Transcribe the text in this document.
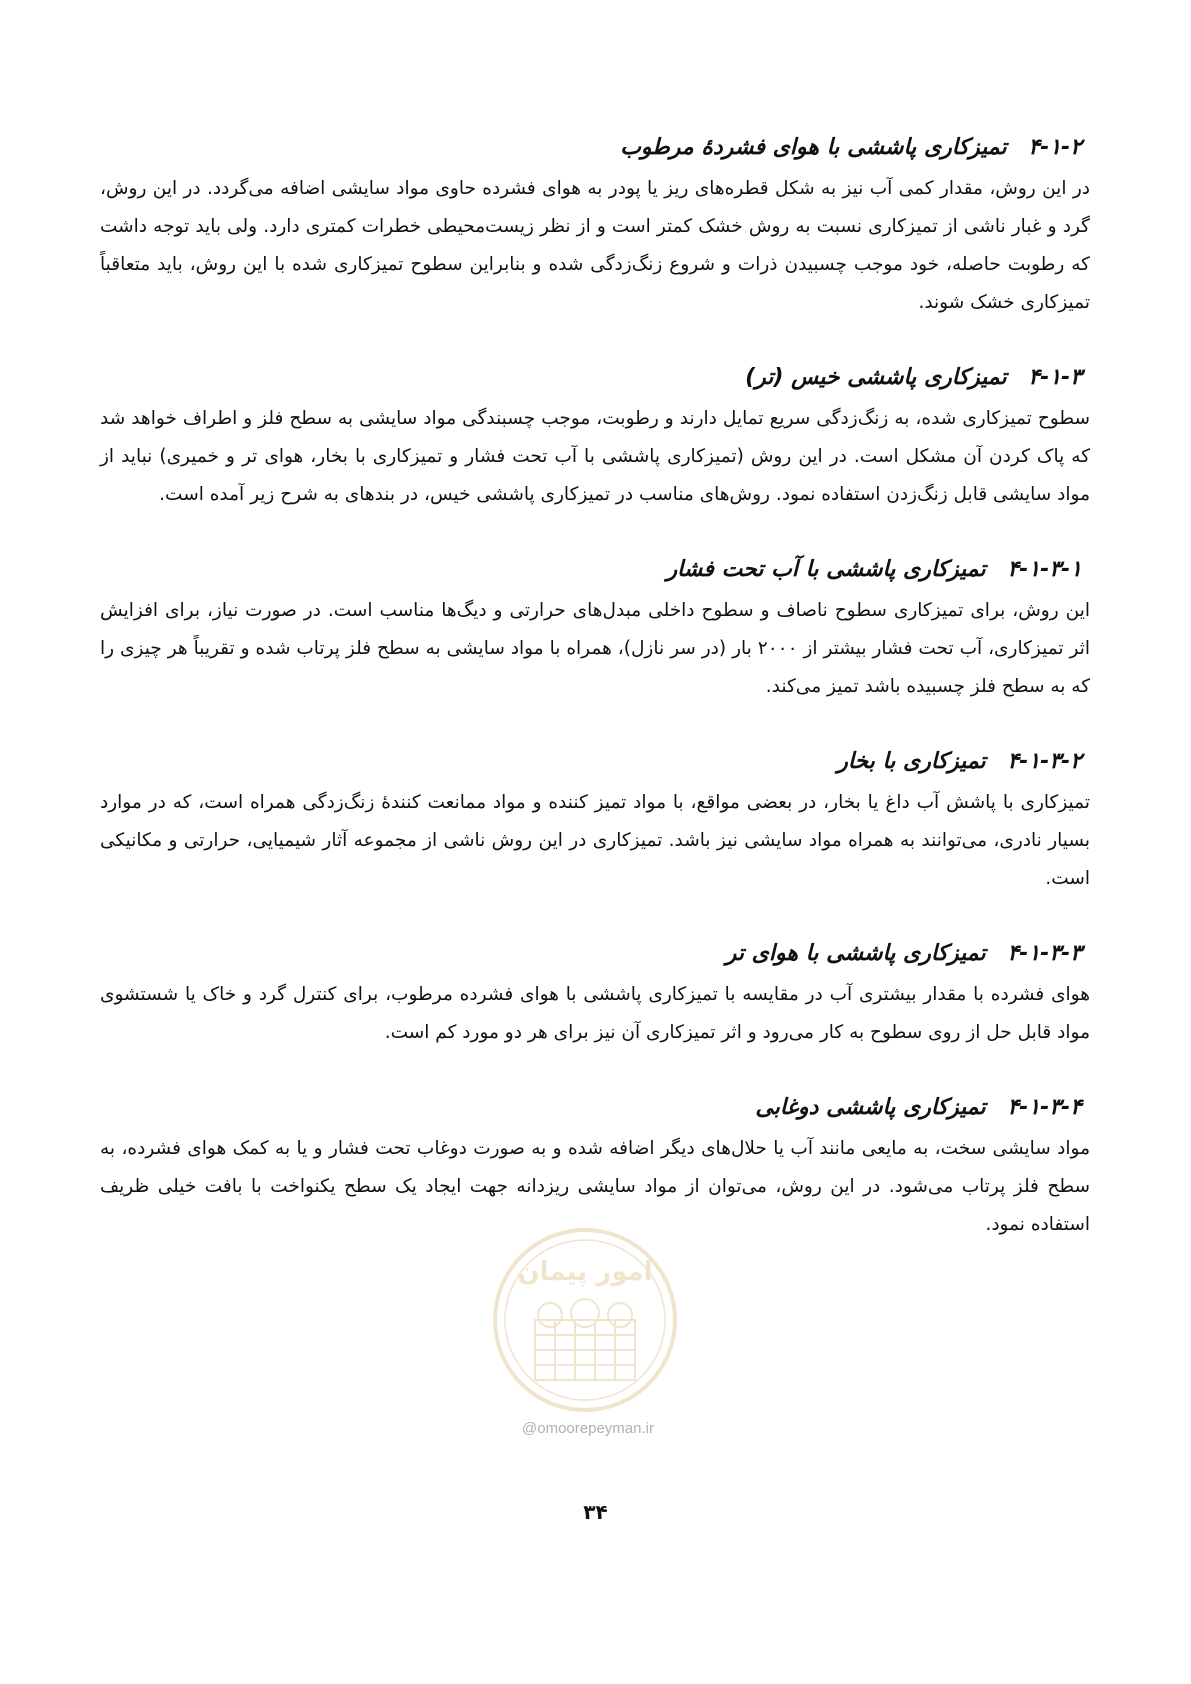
۴-۱-۲ تمیزکاری پاششی با هوای فشردهٔ مرطوب

در این روش، مقدار کمی آب نیز به شکل قطره‌های ریز یا پودر به هوای فشرده حاوی مواد سایشی اضافه می‌گردد. در این روش، گرد و غبار ناشی از تمیزکاری نسبت به روش خشک کمتر است و از نظر زیست‌محیطی خطرات کمتری دارد. ولی باید توجه داشت که رطوبت حاصله، خود موجب چسبیدن ذرات و شروع زنگ‌زدگی شده و بنابراین سطوح تمیزکاری شده با این روش، باید متعاقباً تمیزکاری خشک شوند.

۴-۱-۳ تمیزکاری پاششی خیس (تر)

سطوح تمیزکاری شده، به زنگ‌زدگی سریع تمایل دارند و رطوبت، موجب چسبندگی مواد سایشی به سطح فلز و اطراف خواهد شد که پاک کردن آن مشکل است. در این روش (تمیزکاری پاششی با آب تحت فشار و تمیزکاری با بخار، هوای تر و خمیری) نباید از مواد سایشی قابل زنگ‌زدن استفاده نمود. روش‌های مناسب در تمیزکاری پاششی خیس، در بندهای به شرح زیر آمده است.

۴-۱-۳-۱ تمیزکاری پاششی با آب تحت فشار

این روش، برای تمیزکاری سطوح ناصاف و سطوح داخلی مبدل‌های حرارتی و دیگ‌ها مناسب است. در صورت نیاز، برای افزایش اثر تمیزکاری، آب تحت فشار بیشتر از ۲۰۰۰ بار (در سر نازل)، همراه با مواد سایشی به سطح فلز پرتاب شده و تقریباً هر چیزی را که به سطح فلز چسبیده باشد تمیز می‌کند.

۴-۱-۳-۲ تمیزکاری با بخار

تمیزکاری با پاشش آب داغ یا بخار، در بعضی مواقع، با مواد تمیز کننده و مواد ممانعت کنندهٔ زنگ‌زدگی همراه است، که در موارد بسیار نادری، می‌توانند به همراه مواد سایشی نیز باشد. تمیزکاری در این روش ناشی از مجموعه آثار شیمیایی، حرارتی و مکانیکی است.

۴-۱-۳-۳ تمیزکاری پاششی با هوای تر

هوای فشرده با مقدار بیشتری آب در مقایسه با تمیزکاری پاششی با هوای فشرده مرطوب، برای کنترل گرد و خاک یا شستشوی مواد قابل حل از روی سطوح به کار می‌رود و اثر تمیزکاری آن نیز برای هر دو مورد کم است.

۴-۱-۳-۴ تمیزکاری پاششی دوغابی

مواد سایشی سخت، به مایعی مانند آب یا حلال‌های دیگر اضافه شده و به صورت دوغاب تحت فشار و یا به کمک هوای فشرده، به سطح فلز پرتاب می‌شود. در این روش، می‌توان از مواد سایشی ریزدانه جهت ایجاد یک سطح یکنواخت با بافت خیلی ظریف استفاده نمود.

امور پیمان
@omoorepeyman.ir
۳۴
